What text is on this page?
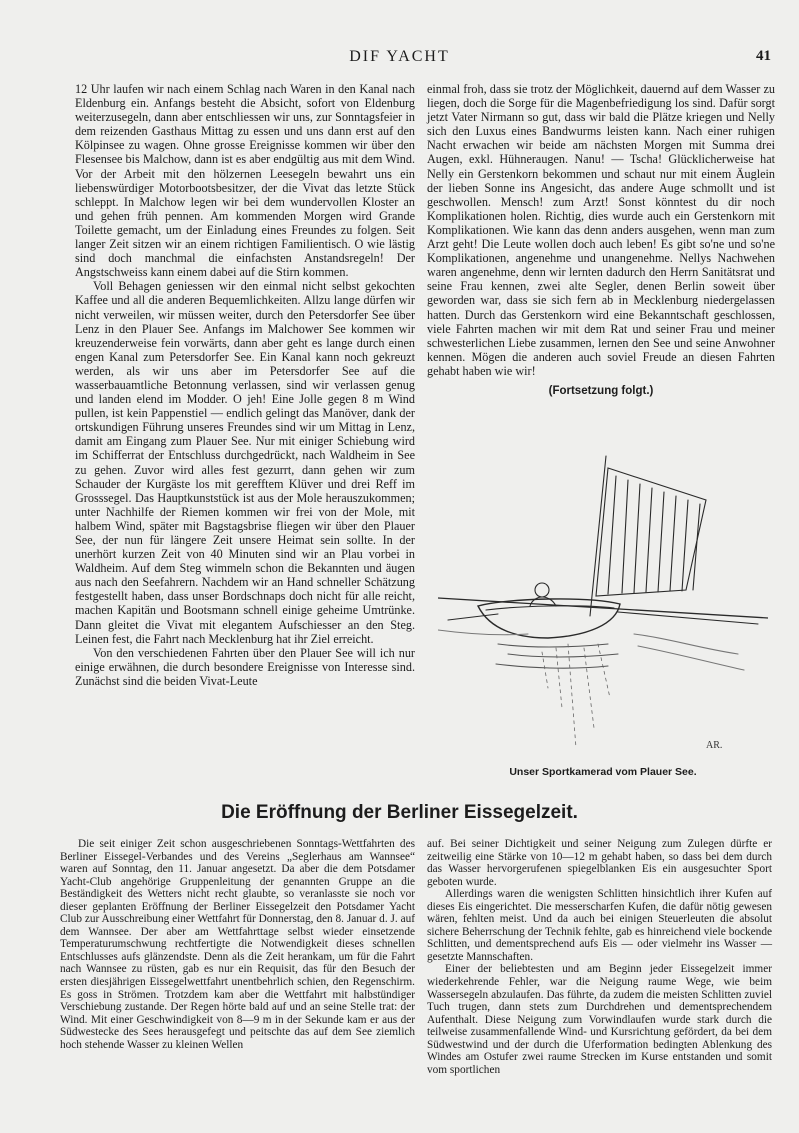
DIF YACHT	41

12 Uhr laufen wir nach einem Schlag nach Waren in den Kanal nach Eldenburg ein. Anfangs besteht die Absicht, sofort von Eldenburg weiterzusegeln, dann aber entschliessen wir uns, zur Sonntagsfeier in dem reizenden Gasthaus Mittag zu essen und uns dann erst auf den Kölpinsee zu wagen. Ohne grosse Ereignisse kommen wir über den Flesensee bis Malchow, dann ist es aber endgültig aus mit dem Wind. Vor der Arbeit mit den hölzernen Leesegeln bewahrt uns ein liebenswürdiger Motorbootsbesitzer, der die Vivat das letzte Stück schleppt. In Malchow legen wir bei dem wundervollen Kloster an und gehen früh pennen. Am kommenden Morgen wird Grande Toilette gemacht, um der Einladung eines Freundes zu folgen. Seit langer Zeit sitzen wir an einem richtigen Familientisch. O wie lästig sind doch manchmal die einfachsten Anstandsregeln! Der Angstschweiss kann einem dabei auf die Stirn kommen.

Voll Behagen geniessen wir den einmal nicht selbst gekochten Kaffee und all die anderen Bequemlichkeiten. Allzu lange dürfen wir nicht verweilen, wir müssen weiter, durch den Petersdorfer See über Lenz in den Plauer See. Anfangs im Malchower See kommen wir kreuzenderweise fein vorwärts, dann aber geht es lange durch einen engen Kanal zum Petersdorfer See. Ein Kanal kann noch gekreuzt werden, als wir uns aber im Petersdorfer See auf die wasserbauamtliche Betonnung verlassen, sind wir verlassen genug und landen elend im Modder. O jeh! Eine Jolle gegen 8 m Wind pullen, ist kein Pappenstiel — endlich gelingt das Manöver, dank der ortskundigen Führung unseres Freundes sind wir um Mittag in Lenz, damit am Eingang zum Plauer See. Nur mit einiger Schiebung wird im Schifferrat der Entschluss durchgedrückt, nach Waldheim in See zu gehen. Zuvor wird alles fest gezurrt, dann gehen wir zum Schauder der Kurgäste los mit gerefftem Klüver und drei Reff im Grosssegel. Das Hauptkunststück ist aus der Mole herauszukommen; unter Nachhilfe der Riemen kommen wir frei von der Mole, mit halbem Wind, später mit Bagstagsbrise fliegen wir über den Plauer See, der nun für längere Zeit unsere Heimat sein sollte. In der unerhört kurzen Zeit von 40 Minuten sind wir an Plau vorbei in Waldheim. Auf dem Steg wimmeln schon die Bekannten und äugen aus nach den Seefahrern. Nachdem wir an Hand schneller Schätzung festgestellt haben, dass unser Bordschnaps doch nicht für alle reicht, machen Kapitän und Bootsmann schnell einige geheime Umtrünke. Dann gleitet die Vivat mit elegantem Aufschiesser an den Steg. Leinen fest, die Fahrt nach Mecklenburg hat ihr Ziel erreicht.

Von den verschiedenen Fahrten über den Plauer See will ich nur einige erwähnen, die durch besondere Ereignisse von Interesse sind. Zunächst sind die beiden Vivat-Leute

einmal froh, dass sie trotz der Möglichkeit, dauernd auf dem Wasser zu liegen, doch die Sorge für die Magenbefriedigung los sind. Dafür sorgt jetzt Vater Nirmann so gut, dass wir bald die Plätze kriegen und Nelly sich den Luxus eines Bandwurms leisten kann. Nach einer ruhigen Nacht erwachen wir beide am nächsten Morgen mit Summa drei Augen, exkl. Hühneraugen. Nanu! — Tscha! Glücklicherweise hat Nelly ein Gerstenkorn bekommen und schaut nur mit einem Äuglein der lieben Sonne ins Angesicht, das andere Auge schmollt und ist geschwollen. Mensch! zum Arzt! Sonst könntest du dir noch Komplikationen holen. Richtig, dies wurde auch ein Gerstenkorn mit Komplikationen. Wie kann das denn anders ausgehen, wenn man zum Arzt geht! Die Leute wollen doch auch leben! Es gibt so'ne und so'ne Komplikationen, angenehme und unangenehme. Nellys Nachwehen waren angenehme, denn wir lernten dadurch den Herrn Sanitätsrat und seine Frau kennen, zwei alte Segler, denen Berlin soweit über geworden war, dass sie sich fern ab in Mecklenburg niedergelassen hatten. Durch das Gerstenkorn wird eine Bekanntschaft geschlossen, viele Fahrten machen wir mit dem Rat und seiner Frau und meiner schwesterlichen Liebe zusammen, lernen den See und seine Anwohner kennen. Mögen die anderen auch soviel Freude an diesen Fahrten gehabt haben wie wir!

(Fortsetzung folgt.)
AR.
Unser Sportkamerad vom Plauer See.
Die Eröffnung der Berliner Eissegelzeit.

Die seit einiger Zeit schon ausgeschriebenen Sonntags-Wettfahrten des Berliner Eissegel-Verbandes und des Vereins „Seglerhaus am Wannsee“ waren auf Sonntag, den 11. Januar angesetzt. Da aber die dem Potsdamer Yacht-Club angehörige Gruppenleitung der genannten Gruppe an die Beständigkeit des Wetters nicht recht glaubte, so veranlasste sie noch vor dieser geplanten Eröffnung der Berliner Eissegelzeit den Potsdamer Yacht Club zur Ausschreibung einer Wettfahrt für Donnerstag, den 8. Januar d. J. auf dem Wannsee. Der aber am Wettfahrttage selbst wieder einsetzende Temperaturumschwung rechtfertigte die Notwendigkeit dieses schnellen Entschlusses aufs glänzendste. Denn als die Zeit herankam, um für die Fahrt nach Wannsee zu rüsten, gab es nur ein Requisit, das für den Besuch der ersten diesjährigen Eissegelwettfahrt unentbehrlich schien, den Regenschirm. Es goss in Strömen. Trotzdem kam aber die Wettfahrt mit halbstündiger Verschiebung zustande. Der Regen hörte bald auf und an seine Stelle trat: der Wind. Mit einer Geschwindigkeit von 8—9 m in der Sekunde kam er aus der Südwestecke des Sees herausgefegt und peitschte das auf dem See ziemlich hoch stehende Wasser zu kleinen Wellen

auf. Bei seiner Dichtigkeit und seiner Neigung zum Zulegen dürfte er zeitweilig eine Stärke von 10—12 m gehabt haben, so dass bei dem durch das Wasser hervorgerufenen spiegelblanken Eis ein ausgesuchter Sport geboten wurde.

Allerdings waren die wenigsten Schlitten hinsichtlich ihrer Kufen auf dieses Eis eingerichtet. Die messerscharfen Kufen, die dafür nötig gewesen wären, fehlten meist. Und da auch bei einigen Steuerleuten die absolut sichere Beherrschung der Technik fehlte, gab es hinreichend viele bockende Schlitten, und dementsprechend aufs Eis — oder vielmehr ins Wasser — gesetzte Mannschaften.

Einer der beliebtesten und am Beginn jeder Eissegelzeit immer wiederkehrende Fehler, war die Neigung raume Wege, wie beim Wassersegeln abzulaufen. Das führte, da zudem die meisten Schlitten zuviel Tuch trugen, dann stets zum Durchdrehen und dementsprechendem Aufenthalt. Diese Neigung zum Vorwindlaufen wurde stark durch die teilweise zusammenfallende Wind- und Kursrichtung gefördert, da bei dem Südwestwind und der durch die Uferformation bedingten Ablenkung des Windes am Ostufer zwei raume Strecken im Kurse entstanden und somit vom sportlichen
